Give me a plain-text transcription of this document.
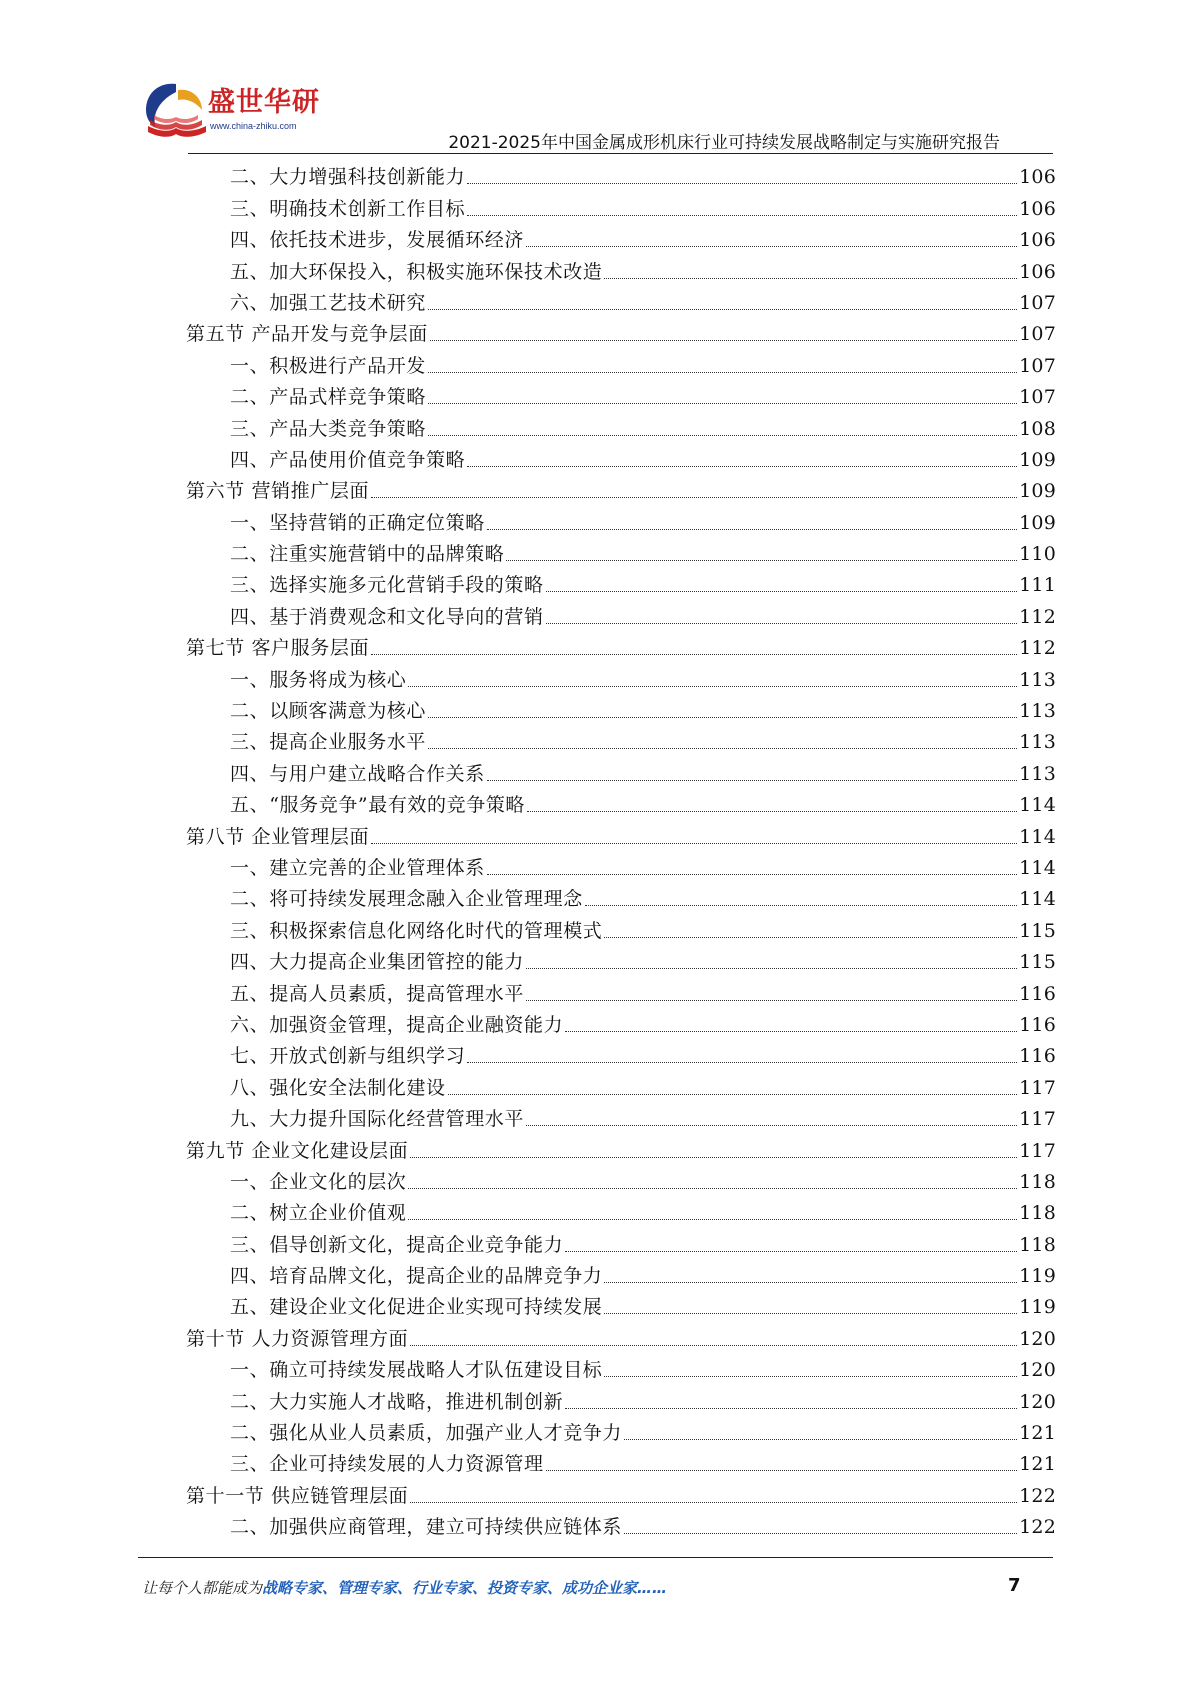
盛世华研
www.china-zhiku.com
2021-2025年中国金属成形机床行业可持续发展战略制定与实施研究报告
二、大力增强科技创新能力	106
三、明确技术创新工作目标	106
四、依托技术进步，发展循环经济	106
五、加大环保投入，积极实施环保技术改造	106
六、加强工艺技术研究	107
第五节 产品开发与竞争层面	107
一、积极进行产品开发	107
二、产品式样竞争策略	107
三、产品大类竞争策略	108
四、产品使用价值竞争策略	109
第六节 营销推广层面	109
一、坚持营销的正确定位策略	109
二、注重实施营销中的品牌策略	110
三、选择实施多元化营销手段的策略	111
四、基于消费观念和文化导向的营销	112
第七节 客户服务层面	112
一、服务将成为核心	113
二、以顾客满意为核心	113
三、提高企业服务水平	113
四、与用户建立战略合作关系	113
五、“服务竞争”最有效的竞争策略	114
第八节 企业管理层面	114
一、建立完善的企业管理体系	114
二、将可持续发展理念融入企业管理理念	114
三、积极探索信息化网络化时代的管理模式	115
四、大力提高企业集团管控的能力	115
五、提高人员素质，提高管理水平	116
六、加强资金管理，提高企业融资能力	116
七、开放式创新与组织学习	116
八、强化安全法制化建设	117
九、大力提升国际化经营管理水平	117
第九节 企业文化建设层面	117
一、企业文化的层次	118
二、树立企业价值观	118
三、倡导创新文化，提高企业竞争能力	118
四、培育品牌文化，提高企业的品牌竞争力	119
五、建设企业文化促进企业实现可持续发展	119
第十节 人力资源管理方面	120
一、确立可持续发展战略人才队伍建设目标	120
二、大力实施人才战略，推进机制创新	120
二、强化从业人员素质，加强产业人才竞争力	121
三、企业可持续发展的人力资源管理	121
第十一节 供应链管理层面	122
二、加强供应商管理，建立可持续供应链体系	122
让每个人都能成为战略专家、管理专家、行业专家、投资专家、成功企业家……	7
